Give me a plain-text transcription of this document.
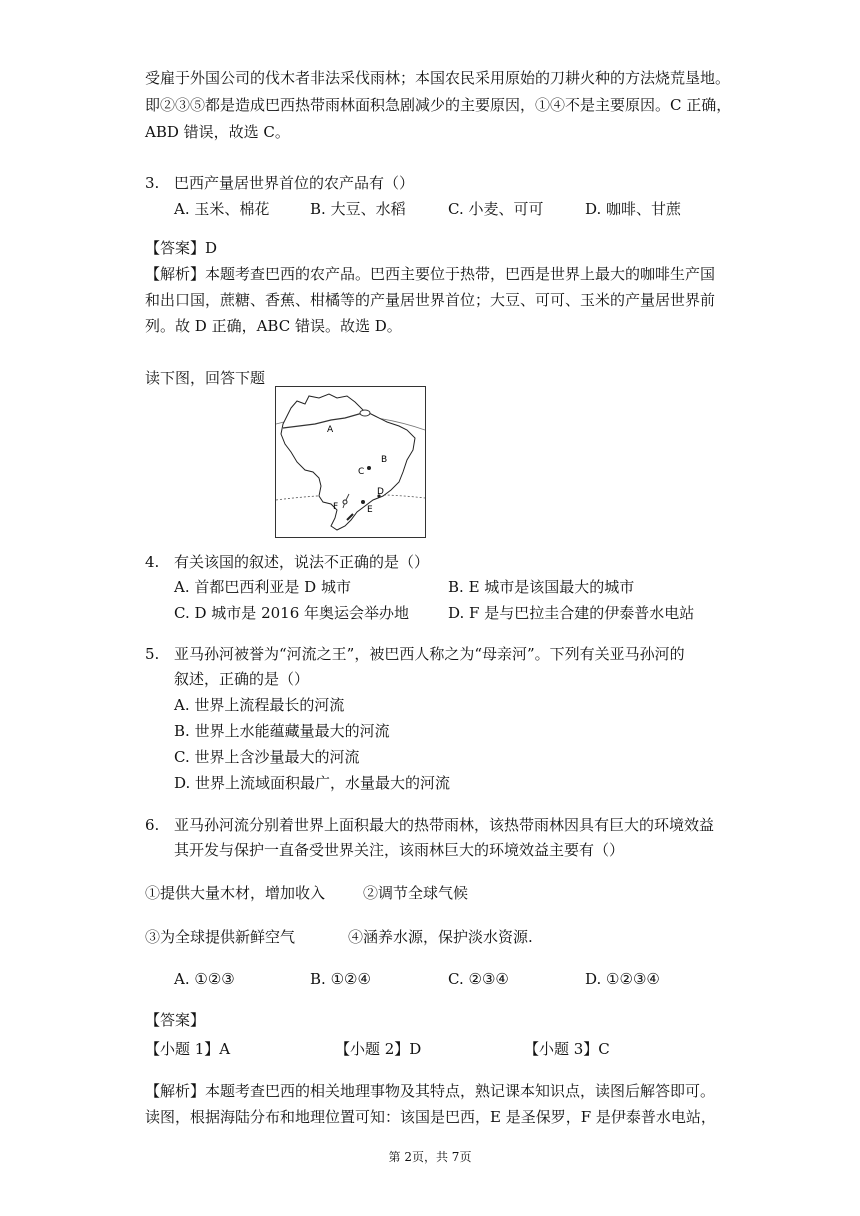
受雇于外国公司的伐木者非法采伐雨林；本国农民采用原始的刀耕火种的方法烧荒垦地。
即②③⑤都是造成巴西热带雨林面积急剧减少的主要原因，①④不是主要原因。C 正确，
ABD 错误，故选 C。
3. 巴西产量居世界首位的农产品有（）
A. 玉米、棉花	B. 大豆、水稻	C. 小麦、可可	D. 咖啡、甘蔗
【答案】D
【解析】本题考查巴西的农产品。巴西主要位于热带，巴西是世界上最大的咖啡生产国
和出口国，蔗糖、香蕉、柑橘等的产量居世界首位；大豆、可可、玉米的产量居世界前
列。故 D 正确，ABC 错误。故选 D。
读下图，回答下题
A
B
C
D
E
F
4. 有关该国的叙述，说法不正确的是（）
A. 首都巴西利亚是 D 城市	B. E 城市是该国最大的城市
C. D 城市是 2016 年奥运会举办地	D. F 是与巴拉圭合建的伊泰普水电站
5. 亚马孙河被誉为“河流之王”，被巴西人称之为“母亲河”。下列有关亚马孙河的
叙述，正确的是（）
A. 世界上流程最长的河流
B. 世界上水能蕴藏量最大的河流
C. 世界上含沙量最大的河流
D. 世界上流域面积最广，水量最大的河流
6. 亚马孙河流分别着世界上面积最大的热带雨林，该热带雨林因具有巨大的环境效益
其开发与保护一直备受世界关注，该雨林巨大的环境效益主要有（）
①提供大量木材，增加收入	②调节全球气候
③为全球提供新鲜空气	④涵养水源，保护淡水资源.
A. ①②③	B. ①②④	C. ②③④	D. ①②③④
【答案】
【小题 1】A	【小题 2】D	【小题 3】C
【解析】本题考查巴西的相关地理事物及其特点，熟记课本知识点，读图后解答即可。
读图，根据海陆分布和地理位置可知：该国是巴西，E 是圣保罗，F 是伊泰普水电站，
第 2页，共 7页
